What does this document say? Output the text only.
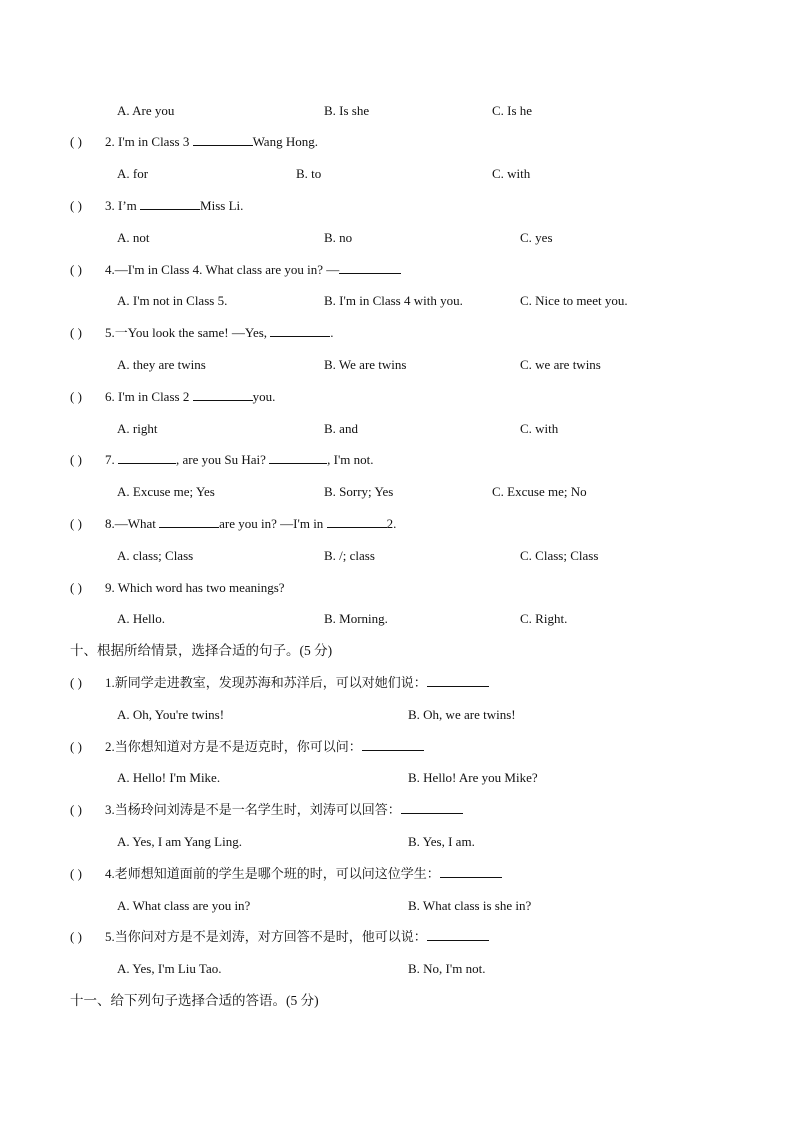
A. Are you	B. Is she	C. Is he
( ) 2. I'm in Class 3	Wang Hong.
A. for	B. to	C. with
( ) 3. I’m	Miss Li.
A. not	B. no	C. yes
( ) 4.—I'm in Class 4. What class are you in? —
A. I'm not in Class 5.	B. I'm in Class 4 with you.	C. Nice to meet you.
( ) 5.一You look the same! —Yes,	.
A. they are twins	B. We are twins	C. we are twins
( ) 6. I'm in Class 2	you.
A. right	B. and	C. with
( ) 7.	, are you Su Hai?	, I'm not.
A. Excuse me; Yes	B. Sorry; Yes	C. Excuse me; No
( ) 8.—What	are you in? —I'm in	2.
A. class; Class	B. /; class	C. Class; Class
( ) 9. Which word has two meanings?
A. Hello.	B. Morning.	C. Right.
十、根据所给情景，选择合适的句子。(5 分)
( ) 1.新同学走进教室，发现苏海和苏洋后，可以对她们说：
A. Oh, You're twins!	B. Oh, we are twins!
( ) 2.当你想知道对方是不是迈克时，你可以问：
A. Hello! I'm Mike.	B. Hello! Are you Mike?
( ) 3.当杨玲问刘涛是不是一名学生时，刘涛可以回答：
A. Yes, I am Yang Ling.	B. Yes, I am.
( ) 4.老师想知道面前的学生是哪个班的时，可以问这位学生：
A. What class are you in?	B. What class is she in?
( ) 5.当你问对方是不是刘涛，对方回答不是时，他可以说：
A. Yes, I'm Liu Tao.	B. No, I'm not.
十一、给下列句子选择合适的答语。(5 分)
